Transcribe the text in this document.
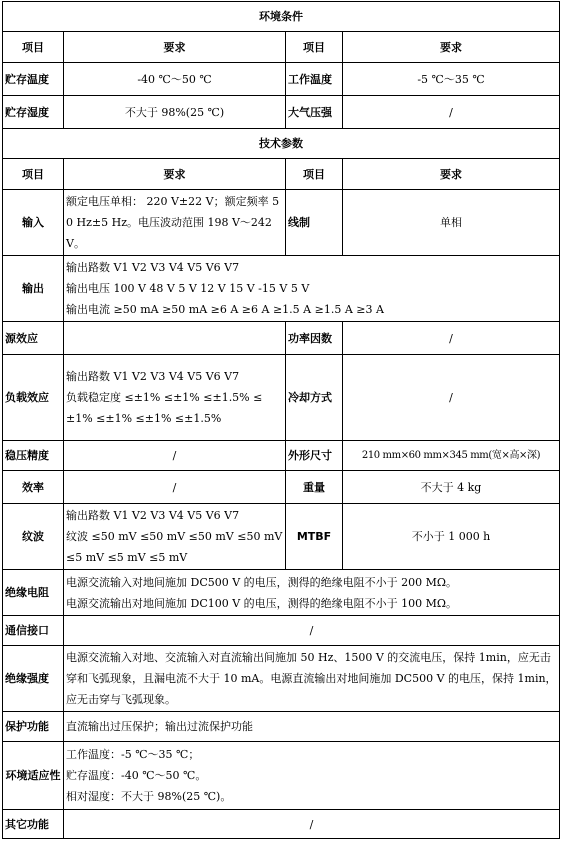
环境条件			
项目	要求	项目	要求
贮存温度	-40 ℃～50 ℃	工作温度	-5 ℃～35 ℃
贮存湿度	不大于 98%(25 ℃)	大气压强	/
技术参数			
项目	要求	项目	要求
输入	额定电压单相： 220 V±22 V；额定频率 50 Hz±5 Hz。电压波动范围 198 V～242 V。	线制	单相
输出	输出路数 V1 V2 V3 V4 V5 V6 V7
输出电压 100 V 48 V 5 V 12 V 15 V -15 V 5 V
输出电流 ≥50 mA ≥50 mA ≥6 A ≥6 A ≥1.5 A ≥1.5 A ≥3 A		

源效应		功率因数	/
负载效应	输出路数 V1 V2 V3 V4 V5 V6 V7
负载稳定度 ≤±1% ≤±1% ≤±1.5% ≤±1% ≤±1% ≤±1% ≤±1.5%	冷却方式	/
稳压精度	/	外形尺寸	210 mm×60 mm×345 mm(宽×高×深)
效率	/	重量	不大于 4 kg
纹波	输出路数 V1 V2 V3 V4 V5 V6 V7
纹波 ≤50 mV ≤50 mV ≤50 mV ≤50 mV ≤5 mV ≤5 mV ≤5 mV	MTBF	不小于 1 000 h
绝缘电阻	电源交流输入对地间施加 DC500 V 的电压，测得的绝缘电阻不小于 200 MΩ。
电源交流输出对地间施加 DC100 V 的电压，测得的绝缘电阻不小于 100 MΩ。		

通信接口	/		
绝缘强度	电源交流输入对地、交流输入对直流输出间施加 50 Hz、1500 V 的交流电压，保持 1min，应无击穿和飞弧现象，且漏电流不大于 10 mA。电源直流输出对地间施加 DC500 V 的电压，保持 1min，应无击穿与飞弧现象。		
保护功能	直流输出过压保护；输出过流保护功能		
环境适应性	工作温度：-5 ℃～35 ℃；
贮存温度：-40 ℃～50 ℃。
相对湿度：不大于 98%(25 ℃)。		

其它功能	/		
